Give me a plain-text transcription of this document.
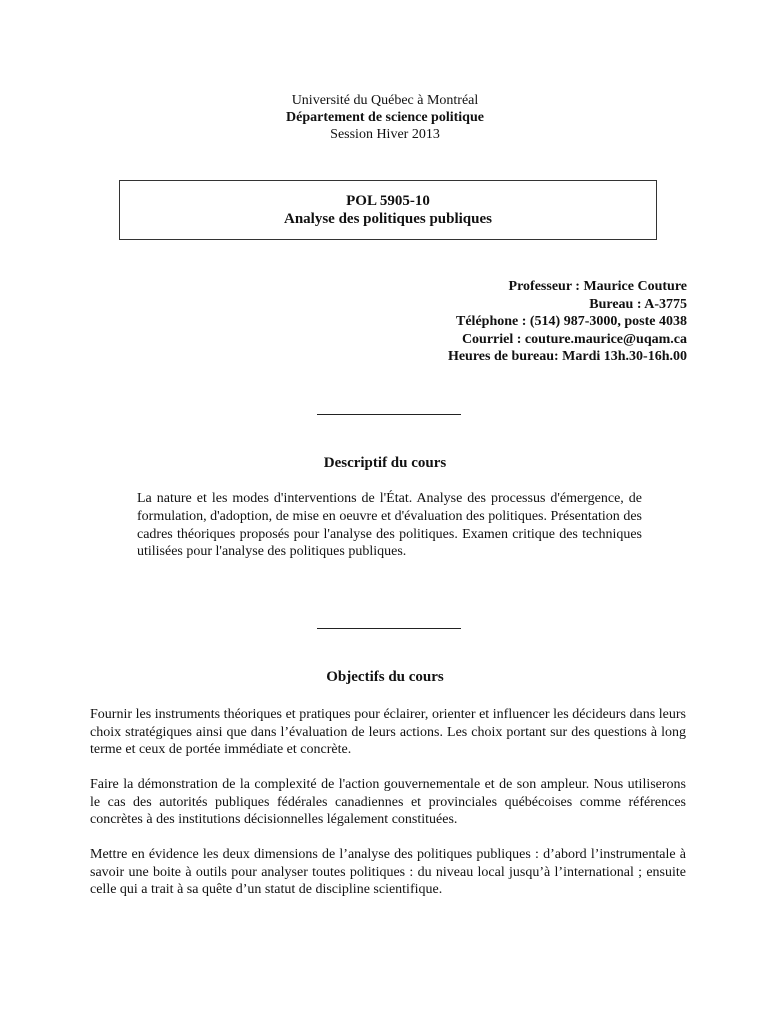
Université du Québec à Montréal
Département de science politique
Session Hiver 2013
POL 5905-10
Analyse des politiques publiques
Professeur : Maurice Couture
Bureau : A-3775
Téléphone : (514) 987-3000, poste 4038
Courriel : couture.maurice@uqam.ca
Heures de bureau: Mardi 13h.30-16h.00
Descriptif du cours
La nature et les modes d'interventions de l'État. Analyse des processus d'émergence, de formulation, d'adoption, de mise en oeuvre et d'évaluation des politiques. Présentation des cadres théoriques proposés pour l'analyse des politiques. Examen critique des techniques utilisées pour l'analyse des politiques publiques.
Objectifs du cours
Fournir les instruments théoriques et pratiques pour éclairer, orienter et influencer les décideurs dans leurs choix stratégiques ainsi que dans l’évaluation de leurs actions. Les choix portant sur des questions à long terme et ceux de portée immédiate et concrète.
Faire la démonstration de la complexité de l'action gouvernementale et de son ampleur. Nous utiliserons le cas des autorités publiques fédérales canadiennes et provinciales québécoises comme références concrètes à des institutions décisionnelles légalement constituées.
Mettre en évidence les deux dimensions de l’analyse des politiques publiques : d’abord l’instrumentale à savoir une boite à outils pour analyser toutes politiques : du niveau local jusqu’à l’international ; ensuite celle qui a trait à sa quête d’un statut de discipline scientifique.
